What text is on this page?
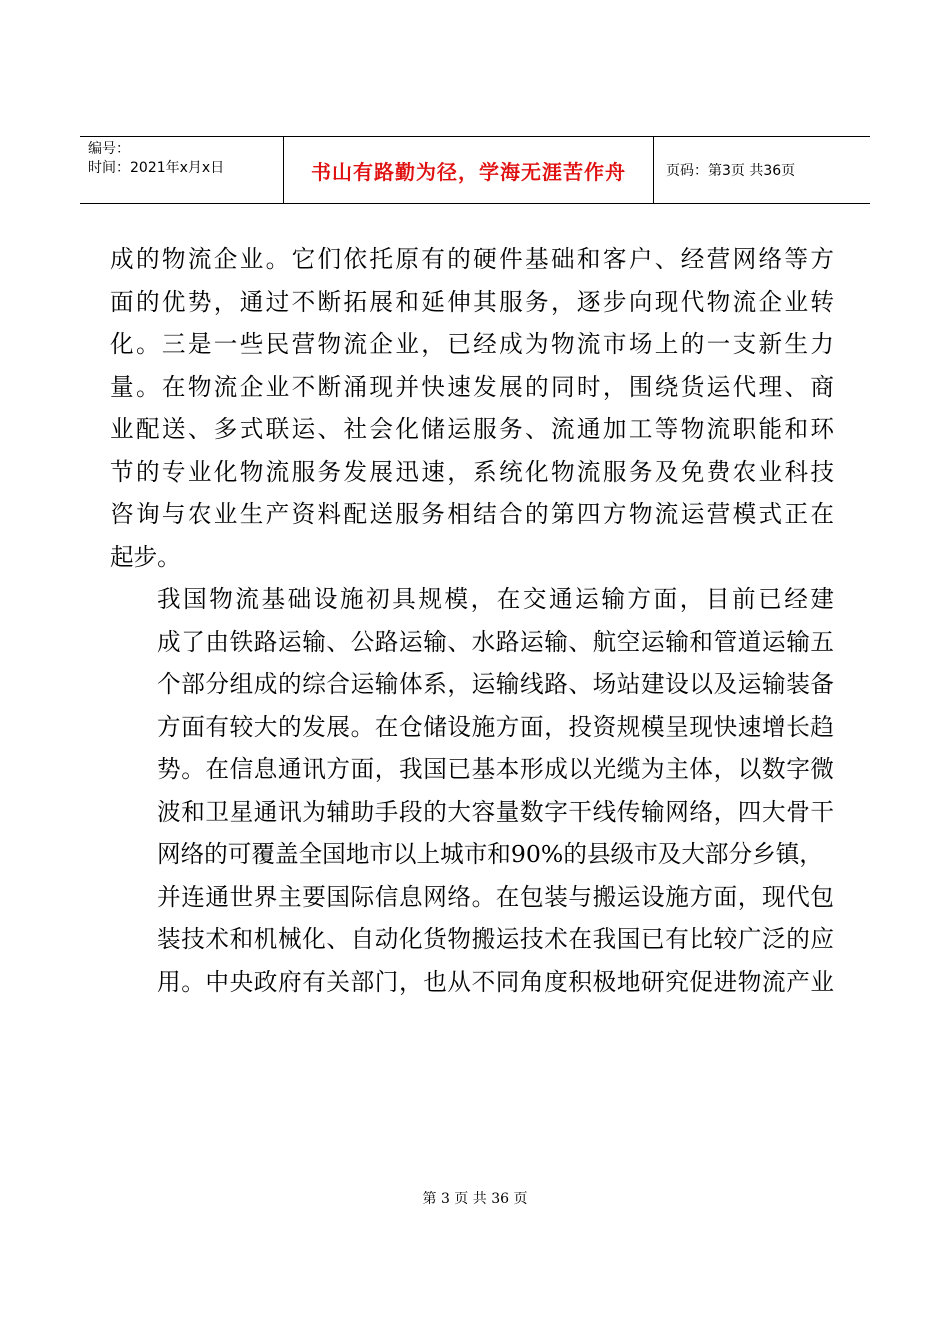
编号：
时间：2021年x月x日	书山有路勤为径，学海无涯苦作舟	页码：第3页 共36页
成的物流企业。它们依托原有的硬件基础和客户、经营网络等方
面的优势，通过不断拓展和延伸其服务，逐步向现代物流企业转
化。三是一些民营物流企业，已经成为物流市场上的一支新生力
量。在物流企业不断涌现并快速发展的同时，围绕货运代理、商
业配送、多式联运、社会化储运服务、流通加工等物流职能和环
节的专业化物流服务发展迅速，系统化物流服务及免费农业科技
咨询与农业生产资料配送服务相结合的第四方物流运营模式正在
起步。
我国物流基础设施初具规模，在交通运输方面，目前已经建
成了由铁路运输、公路运输、水路运输、航空运输和管道运输五
个部分组成的综合运输体系，运输线路、场站建设以及运输装备
方面有较大的发展。在仓储设施方面，投资规模呈现快速增长趋
势。在信息通讯方面，我国已基本形成以光缆为主体，以数字微
波和卫星通讯为辅助手段的大容量数字干线传输网络，四大骨干
网络的可覆盖全国地市以上城市和90%的县级市及大部分乡镇，
并连通世界主要国际信息网络。在包装与搬运设施方面，现代包
装技术和机械化、自动化货物搬运技术在我国已有比较广泛的应
用。中央政府有关部门，也从不同角度积极地研究促进物流产业
第 3 页 共 36 页
